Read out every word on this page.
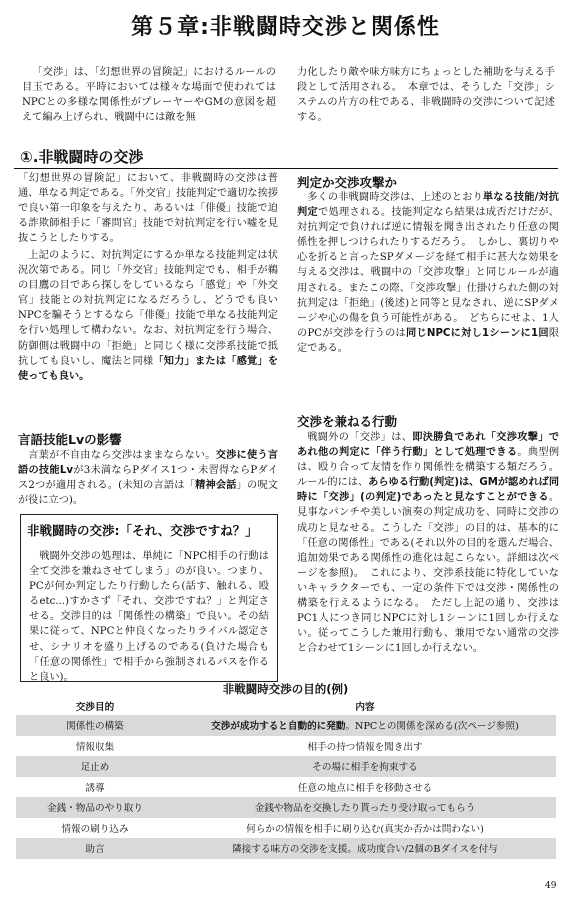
第５章:非戦闘時交渉と関係性
「交渉」は、「幻想世界の冒険記」におけるルールの目玉である。平時においては様々な場面で使われてはNPCとの多様な関係性がプレーヤーやGMの意図を超えて編み上げられ、戦闘中には敵を無
力化したり敵や味方味方にちょっとした補助を与える手段として活用される。　本章では、そうした「交渉」システムの片方の柱である、非戦闘時の交渉について記述する。
①.非戦闘時の交渉
「幻想世界の冒険記」において、非戦闘時の交渉は普通、単なる判定である。「外交官」技能判定で適切な挨拶で良い第一印象を与えたり、あるいは「俳優」技能で迫る詐欺師相手に「審問官」技能で対抗判定を行い嘘を見抜こうとしたりする。
上記のように、対抗判定にするか単なる技能判定は状況次第である。同じ「外交官」技能判定でも、相手が鵜の目鷹の目であら探しをしているなら「感覚」や「外交官」技能との対抗判定になるだろうし、どうでも良いNPCを騙そうとするなら「俳優」技能で単なる技能判定を行い処理して構わない。なお、対抗判定を行う場合、防御側は戦闘中の「拒絶」と同じく様に交渉系技能で抵抗しても良いし、魔法と同様「知力」または「感覚」を使っても良い。
判定か交渉攻撃か
多くの非戦闘時交渉は、上述のとおり単なる技能/対抗判定で処理される。技能判定なら結果は成否だけだが、対抗判定で負ければ逆に情報を聞き出されたり任意の関係性を押しつけられたりするだろう。　しかし、裏切りや心を折ると言ったSPダメージを経て相手に甚大な効果を与える交渉は、戦闘中の「交渉攻撃」と同じルールが適用される。またこの際、「交渉攻撃」仕掛けられた側の対抗判定は「拒絶」(後述)と同等と見なされ、逆にSPダメージや心の傷を負う可能性がある。　どちらにせよ、1人のPCが交渉を行うのは同じNPCに対し1シーンに1回限定である。
言語技能Lvの影響
言葉が不自由なら交渉はままならない。交渉に使う言語の技能Lvが3未満ならPダイス1つ・未習得ならPダイス2つが適用される。(未知の言語は「精神会話」の呪文が役に立つ)。
非戦闘時の交渉:「それ、交渉ですね？」
戦闘外交渉の処理は、単純に「NPC相手の行動は全て交渉を兼ねさせてしまう」のが良い。つまり、PCが何か判定したり行動したら(話す、触れる、殴るetc...)すかさず「それ、交渉ですね？」と判定させる。交渉目的は「関係性の構築」で良い。その結果に従って、NPCと仲良くなったりライバル認定させ、シナリオを盛り上げるのである(負けた場合も「任意の関係性」で相手から強制されるパスを作ると良い)。
交渉を兼ねる行動
戦闘外の「交渉」は、即決勝負であれ「交渉攻撃」であれ他の判定に「伴う行動」として処理できる。典型例は、殴り合って友情を作り関係性を構築する類だろう。ルール的には、あらゆる行動(判定)は、GMが認めれば同時に「交渉」(の判定)であったと見なすことができる。見事なパンチや美しい演奏の判定成功を、同時に交渉の成功と見なせる。こうした「交渉」の目的は、基本的に「任意の関係性」である(それ以外の目的を選んだ場合、追加効果である関係性の進化は起こらない。詳細は次ページを参照)。　これにより、交渉系技能に特化していないキャラクターでも、一定の条件下では交渉・関係性の構築を行えるようになる。　ただし上記の通り、交渉はPC1人につき同じNPCに対し1シーンに1回しか行えない。従ってこうした兼用行動も、兼用でない通常の交渉と合わせて1シーンに1回しか行えない。
非戦闘時交渉の目的(例)
交渉目的	内容
関係性の構築	交渉が成功すると自動的に発動。NPCとの関係を深める(次ページ参照)
情報収集	相手の持つ情報を聞き出す
足止め	その場に相手を拘束する
誘導	任意の地点に相手を移動させる
金銭・物品のやり取り	金銭や物品を交換したり貰ったり受け取ってもらう
情報の刷り込み	何らかの情報を相手に刷り込む(真実か否かは問わない)
助言	隣接する味方の交渉を支援。成功度合い/2個のBダイスを付与
49
